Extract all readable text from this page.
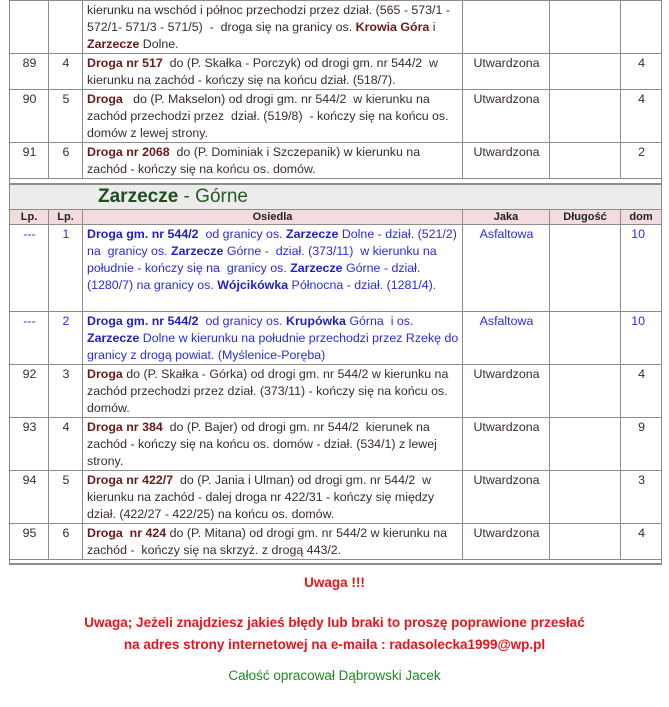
		kierunku na wschód i północ przechodzi przez dział. (565 - 573/1 - 572/1- 571/3 - 571/5)  -  droga się na granicy os. Krowia Góra i Zarzecze Dolne.			
89	4	Droga nr 517  do (P. Skałka - Porczyk) od drogi gm. nr 544/2  w kierunku na zachód - kończy się na końcu dział. (518/7).	Utwardzona		4
90	5	Droga   do (P. Makselon) od drogi gm. nr 544/2  w kierunku na zachód przechodzi przez  dział. (519/8)  - kończy się na końcu os. domów z lewej strony.	Utwardzona		4
91	6	Droga nr 2068  do (P. Dominiak i Szczepanik) w kierunku na zachód - kończy się na końcu os. domów.	Utwardzona		2

Zarzecze - Górne					

Lp.	Lp.	Osiedla	Jaka	Długość	dom
---	1	Droga gm. nr 544/2  od granicy os. Zarzecze Dolne - dział. (521/2)  na  granicy os. Zarzecze Górne -  dział. (373/11)  w kierunku na południe - kończy się na  granicy os. Zarzecze Górne - dział. (1280/7) na granicy os. Wójcikówka Północna - dział. (1281/4).	Asfaltowa		10
---	2	Droga gm. nr 544/2  od granicy os. Krupówka Górna  i os. Zarzecze Dolne w kierunku na południe przechodzi przez Rzekę do granicy z drogą powiat. (Myślenice-Poręba)	Asfaltowa		10
92	3	Droga do (P. Skałka - Górka) od drogi gm. nr 544/2 w kierunku na zachód przechodzi przez dział. (373/11) - kończy się na końcu os. domów.	Utwardzona		4
93	4	Droga nr 384  do (P. Bajer) od drogi gm. nr 544/2  kierunek na zachód - kończy się na końcu os. domów - dział. (534/1) z lewej strony.	Utwardzona		9
94	5	Droga nr 422/7  do (P. Jania i Ulman) od drogi gm. nr 544/2  w kierunku na zachód - dalej droga nr 422/31 - kończy się między dział. (422/27 - 422/25) na końcu os. domów.	Utwardzona		3
95	6	Droga  nr 424 do (P. Mitana) od drogi gm. nr 544/2 w kierunku na zachód -  kończy się na skrzyż. z drogą 443/2.	Utwardzona		4

Uwaga !!!
Uwaga; Jeżeli znajdziesz jakieś błędy lub braki to proszę poprawione przesłać
na adres strony internetowej na e-maila : radasolecka1999@wp.pl
Całość opracował Dąbrowski Jacek
